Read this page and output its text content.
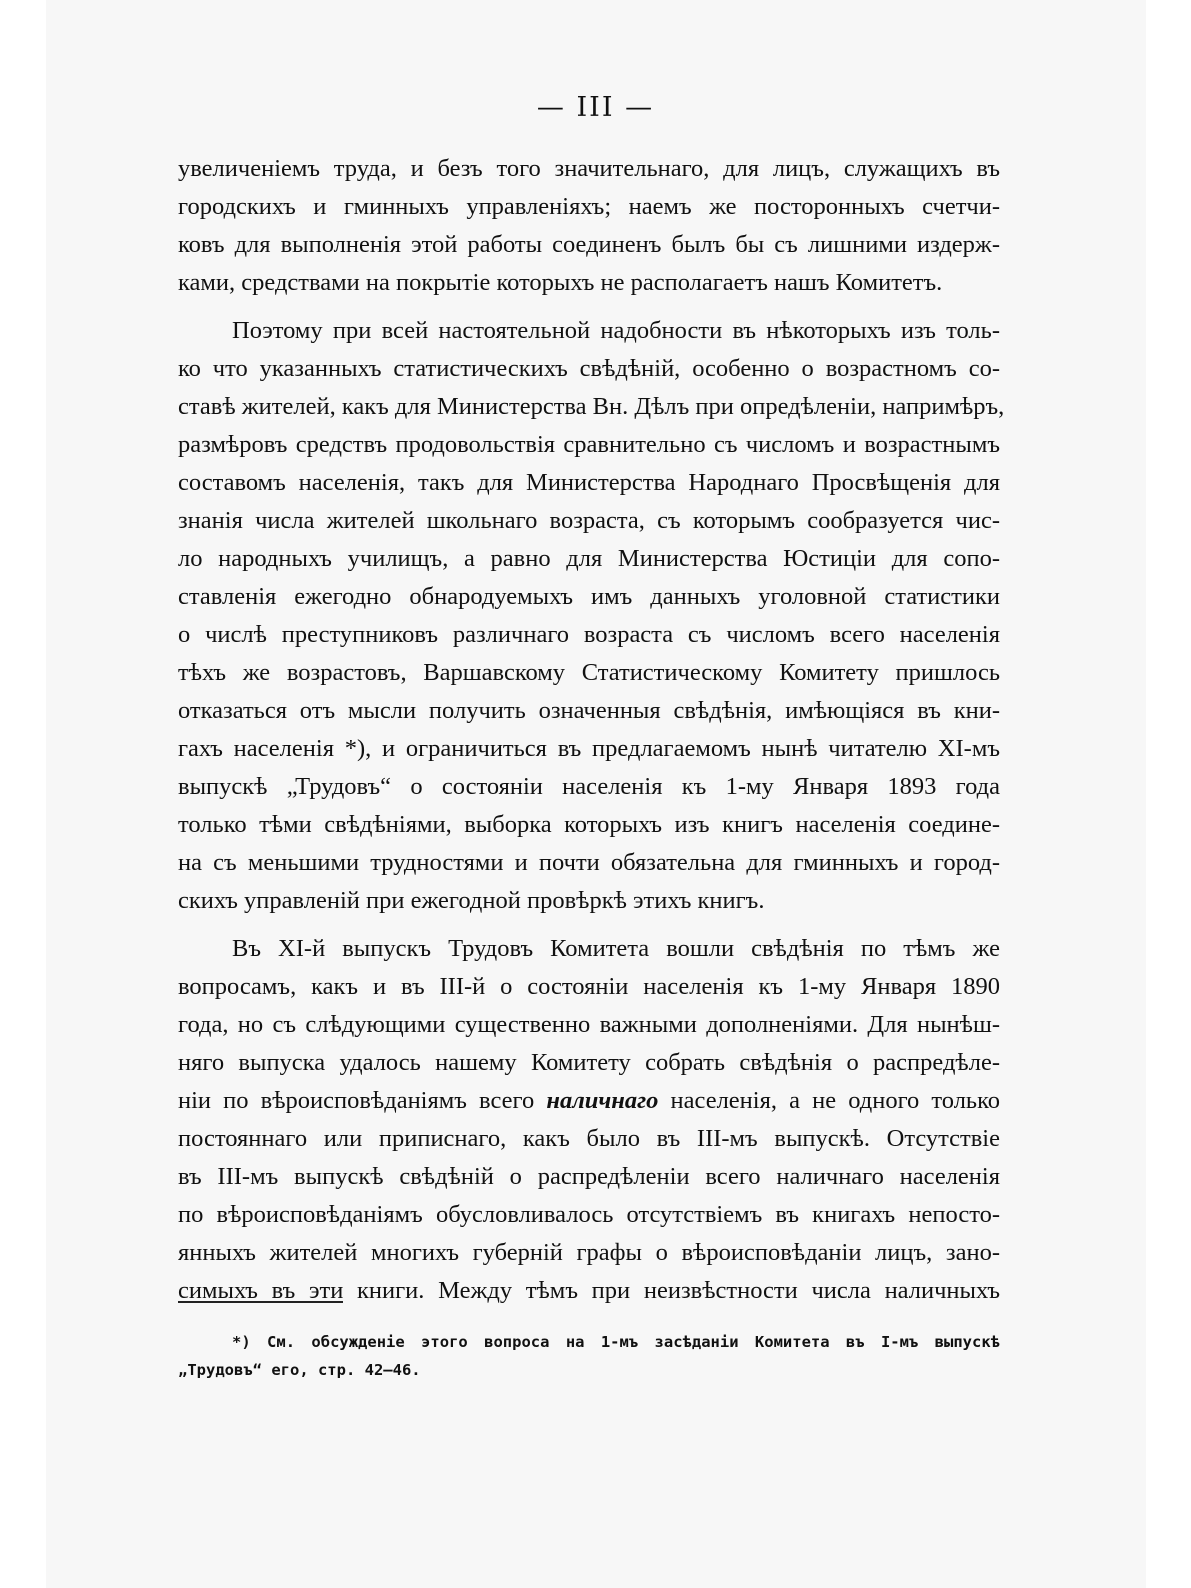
— III —
увеличеніемъ труда, и безъ того значительнаго, для лицъ, служащихъ въ
городскихъ и гминныхъ управленіяхъ; наемъ же посторонныхъ счетчи-
ковъ для выполненія этой работы соединенъ былъ бы съ лишними издерж-
ками, средствами на покрытіе которыхъ не располагаетъ нашъ Комитетъ.
Поэтому при всей настоятельной надобности въ нѣкоторыхъ изъ толь-
ко что указанныхъ статистическихъ свѣдѣній, особенно о возрастномъ со-
ставѣ жителей, какъ для Министерства Вн. Дѣлъ при опредѣленіи, напримѣръ,
размѣровъ средствъ продовольствія сравнительно съ числомъ и возрастнымъ
составомъ населенія, такъ для Министерства Народнаго Просвѣщенія для
знанія числа жителей школьнаго возраста, съ которымъ сообразуется чис-
ло народныхъ училищъ, а равно для Министерства Юстиціи для сопо-
ставленія ежегодно обнародуемыхъ имъ данныхъ уголовной статистики
о числѣ преступниковъ различнаго возраста съ числомъ всего населенія
тѣхъ же возрастовъ, Варшавскому Статистическому Комитету пришлось
отказаться отъ мысли получить означенныя свѣдѣнія, имѣющіяся въ кни-
гахъ населенія *), и ограничиться въ предлагаемомъ нынѣ читателю XI-мъ
выпускѣ „Трудовъ“ о состояніи населенія къ 1-му Января 1893 года
только тѣми свѣдѣніями, выборка которыхъ изъ книгъ населенія соедине-
на съ меньшими трудностями и почти обязательна для гминныхъ и город-
скихъ управленій при ежегодной провѣркѣ этихъ книгъ.
Въ XI-й выпускъ Трудовъ Комитета вошли свѣдѣнія по тѣмъ же
вопросамъ, какъ и въ III-й о состояніи населенія къ 1-му Января 1890
года, но съ слѣдующими существенно важными дополненіями. Для нынѣш-
няго выпуска удалось нашему Комитету собрать свѣдѣнія о распредѣле-
ніи по вѣроисповѣданіямъ всего наличнаго населенія, а не одного только
постояннаго или приписнаго, какъ было въ III-мъ выпускѣ. Отсутствіе
въ III-мъ выпускѣ свѣдѣній о распредѣленіи всего наличнаго населенія
по вѣроисповѣданіямъ обусловливалось отсутствіемъ въ книгахъ непосто-
янныхъ жителей многихъ губерній графы о вѣроисповѣданіи лицъ, зано-
симыхъ въ эти книги. Между тѣмъ при неизвѣстности числа наличныхъ
*) См. обсужденіе этого вопроса на 1-мъ засѣданіи Комитета въ I-мъ выпускѣ
„Трудовъ“ его, стр. 42—46.
